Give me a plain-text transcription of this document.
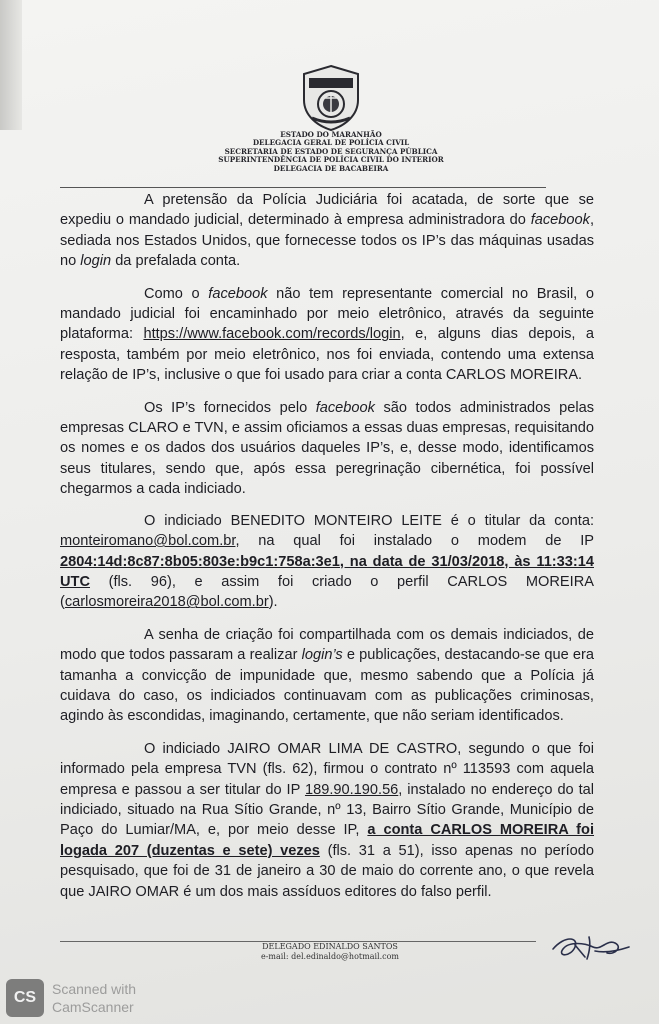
ESTADO DO MARANHÃO
DELEGACIA GERAL DE POLÍCIA CIVIL
SECRETARIA DE ESTADO DE SEGURANÇA PÚBLICA
SUPERINTENDÊNCIA DE POLÍCIA CIVIL DO INTERIOR
DELEGACIA DE BACABEIRA

A pretensão da Polícia Judiciária foi acatada, de sorte que se expediu o mandado judicial, determinado à empresa administradora do facebook, sediada nos Estados Unidos, que fornecesse todos os IP’s das máquinas usadas no login da prefalada conta.

Como o facebook não tem representante comercial no Brasil, o mandado judicial foi encaminhado por meio eletrônico, através da seguinte plataforma: https://www.facebook.com/records/login, e, alguns dias depois, a resposta, também por meio eletrônico, nos foi enviada, contendo uma extensa relação de IP’s, inclusive o que foi usado para criar a conta CARLOS MOREIRA.

Os IP’s fornecidos pelo facebook são todos administrados pelas empresas CLARO e TVN, e assim oficiamos a essas duas empresas, requisitando os nomes e os dados dos usuários daqueles IP’s, e, desse modo, identificamos seus titulares, sendo que, após essa peregrinação cibernética, foi possível chegarmos a cada indiciado.

O indiciado BENEDITO MONTEIRO LEITE é o titular da conta: monteiromano@bol.com.br, na qual foi instalado o modem de IP 2804:14d:8c87:8b05:803e:b9c1:758a:3e1, na data de 31/03/2018, às 11:33:14 UTC (fls. 96), e assim foi criado o perfil CARLOS MOREIRA (carlosmoreira2018@bol.com.br).

A senha de criação foi compartilhada com os demais indiciados, de modo que todos passaram a realizar login’s e publicações, destacando-se que era tamanha a convicção de impunidade que, mesmo sabendo que a Polícia já cuidava do caso, os indiciados continuavam com as publicações criminosas, agindo às escondidas, imaginando, certamente, que não seriam identificados.

O indiciado JAIRO OMAR LIMA DE CASTRO, segundo o que foi informado pela empresa TVN (fls. 62), firmou o contrato nº 113593 com aquela empresa e passou a ser titular do IP 189.90.190.56, instalado no endereço do tal indiciado, situado na Rua Sítio Grande, nº 13, Bairro Sítio Grande, Município de Paço do Lumiar/MA, e, por meio desse IP, a conta CARLOS MOREIRA foi logada 207 (duzentas e sete) vezes (fls. 31 a 51), isso apenas no período pesquisado, que foi de 31 de janeiro a 30 de maio do corrente ano, o que revela que JAIRO OMAR é um dos mais assíduos editores do falso perfil.

DELEGADO EDINALDO SANTOS
e-mail: del.edinaldo@hotmail.com
CS	Scanned with
CamScanner
